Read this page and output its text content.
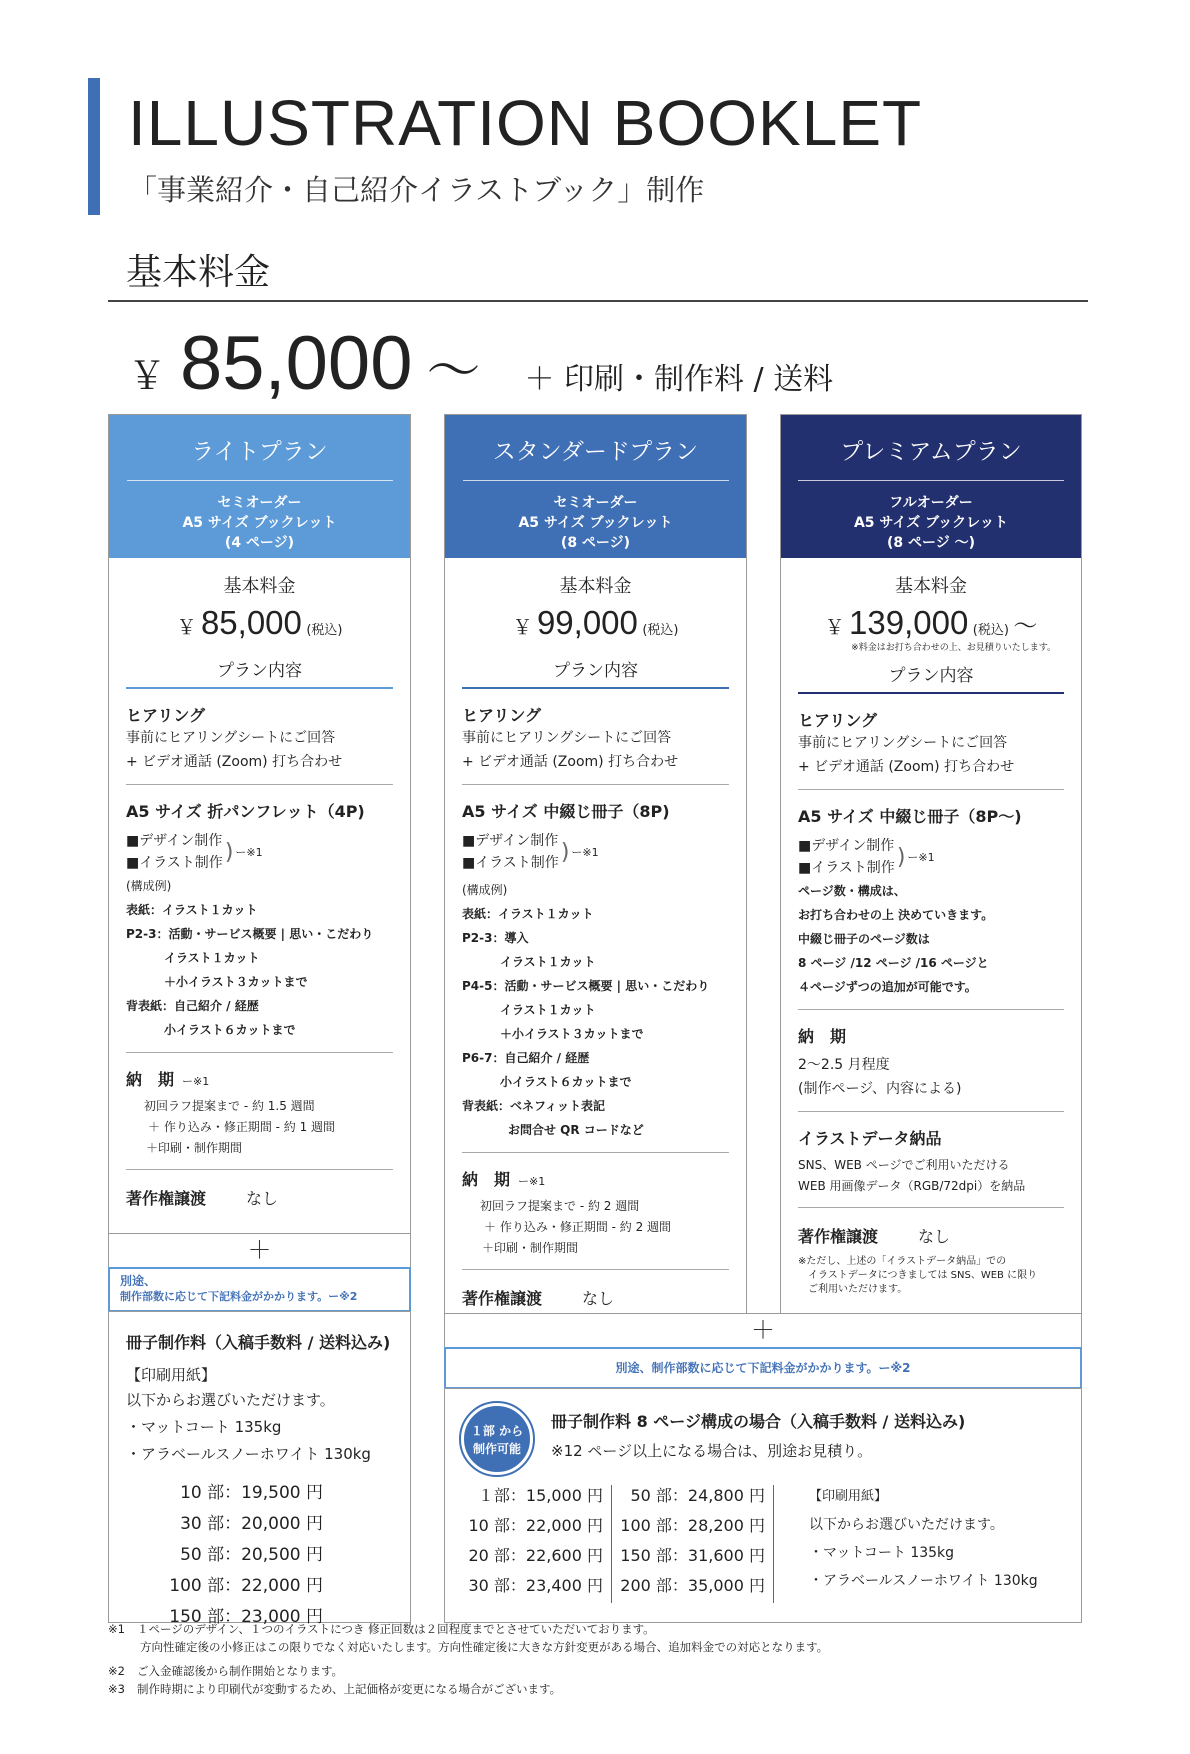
ILLUSTRATION BOOKLET
「事業紹介・自己紹介イラストブック」制作
基本料金
￥ 85,000 〜 ＋ 印刷・制作料 / 送料
ライトプラン
セミオーダー
A5 サイズ ブックレット
(4 ページ)
基本料金
￥ 85,000 (税込)
プラン内容
ヒアリング
事前にヒアリングシートにご回答
+ ビデオ通話 (Zoom) 打ち合わせ
A5 サイズ 折パンフレット（4P)
■デザイン制作
■イラスト制作 ) ー※1
(構成例)
表紙：イラスト１カット
P2-3：活動・サービス概要 | 思い・こだわり
イラスト１カット
＋小イラスト３カットまで
背表紙：自己紹介 / 経歴
小イラスト６カットまで
納　期 ー※1
初回ラフ提案まで - 約 1.5 週間
＋ 作り込み・修正期間 - 約 1 週間
＋印刷・制作期間
著作権譲渡	なし
＋
別途、
制作部数に応じて下記料金がかかります。ー※2
冊子制作料（入稿手数料 / 送料込み)
【印刷用紙】
以下からお選びいただけます。
・マットコート 135kg
・アラベールスノーホワイト 130kg
10 部：19,500 円
30 部：20,000 円
50 部：20,500 円
100 部：22,000 円
150 部：23,000 円
スタンダードプラン
セミオーダー
A5 サイズ ブックレット
(8 ページ)
基本料金
￥ 99,000 (税込)
プラン内容
ヒアリング
事前にヒアリングシートにご回答
+ ビデオ通話 (Zoom) 打ち合わせ
A5 サイズ 中綴じ冊子（8P)
■デザイン制作
■イラスト制作 ) ー※1
(構成例)
表紙：イラスト１カット
P2-3：導入
イラスト１カット
P4-5：活動・サービス概要 | 思い・こだわり
イラスト１カット
＋小イラスト３カットまで
P6-7：自己紹介 / 経歴
小イラスト６カットまで
背表紙：ベネフィット表記
お問合せ QR コードなど
納　期 ー※1
初回ラフ提案まで - 約 2 週間
＋ 作り込み・修正期間 - 約 2 週間
＋印刷・制作期間
著作権譲渡	なし
プレミアムプラン
フルオーダー
A5 サイズ ブックレット
(8 ページ 〜)
基本料金
￥ 139,000 (税込) 〜
※料金はお打ち合わせの上、お見積りいたします。
プラン内容
ヒアリング
事前にヒアリングシートにご回答
+ ビデオ通話 (Zoom) 打ち合わせ
A5 サイズ 中綴じ冊子（8P〜)
■デザイン制作
■イラスト制作 ) ー※1
ページ数・構成は、
お打ち合わせの上 決めていきます。
中綴じ冊子のページ数は
8 ページ /12 ページ /16 ページと
４ページずつの追加が可能です。
納　期
2〜2.5 月程度
(制作ページ、内容による)
イラストデータ納品
SNS、WEB ページでご利用いただける
WEB 用画像データ（RGB/72dpi）を納品
著作権譲渡	なし
※ただし、上述の「イラストデータ納品」での
イラストデータにつきましては SNS、WEB に限り
ご利用いただけます。
＋
別途、制作部数に応じて下記料金がかかります。ー※2
１部 から
制作可能
冊子制作料 8 ページ構成の場合（入稿手数料 / 送料込み)
※12 ページ以上になる場合は、別途お見積り。
１部：15,000 円
10 部：22,000 円
20 部：22,600 円
30 部：23,400 円
50 部：24,800 円
100 部：28,200 円
150 部：31,600 円
200 部：35,000 円
【印刷用紙】
以下からお選びいただけます。
・マットコート 135kg
・アラベールスノーホワイト 130kg
※1 １ページのデザイン、１つのイラストにつき 修正回数は２回程度までとさせていただいております。
方向性確定後の小修正はこの限りでなく対応いたします。方向性確定後に大きな方針変更がある場合、追加料金での対応となります。
※2 ご入金確認後から制作開始となります。
※3 制作時期により印刷代が変動するため、上記価格が変更になる場合がございます。
